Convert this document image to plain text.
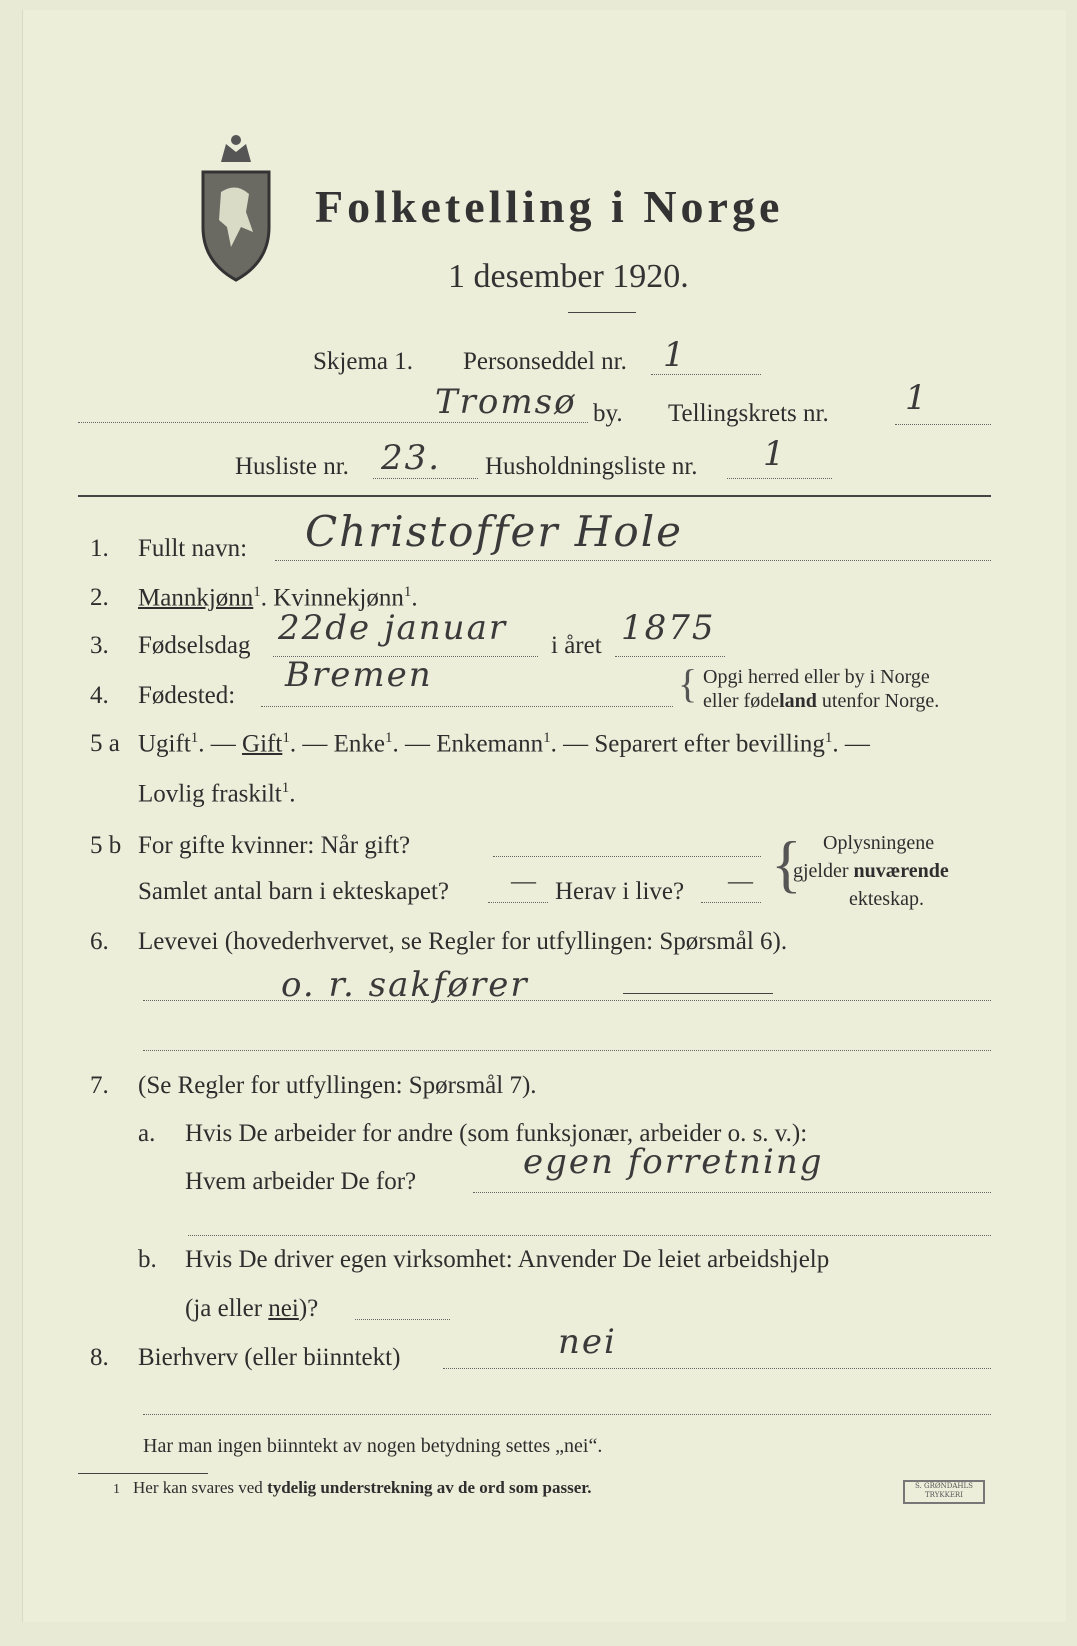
Folketelling i Norge
1 desember 1920.
Skjema 1. Personseddel nr. 1
Tromsø by. Tellingskrets nr. 1
Husliste nr. 23. Husholdningsliste nr. 1
1. Fullt navn: Christoffer Hole
2. Mannkjønn$^1$. Kvinnekjønn$^1$.
3. Fødselsdag 22de januar i året 1875
4. Fødested:
Bremen	{ Opgi herred eller by i Norge
eller fødeland utenfor Norge.
5 a Ugift$^1$. — Gift$^1$. — Enke$^1$. — Enkemann$^1$. — Separert efter bevilling$^1$. —
Lovlig fraskilt$^1$.
5 b For gifte kvinner: Når gift?
Samlet antal barn i ekteskapet? — Herav i live? — { Oplysningene
gjelder nuværende
ekteskap.
6. Levevei (hovederhvervet, se Regler for utfyllingen: Spørsmål 6).
o. r. sakfører
7. (Se Regler for utfyllingen: Spørsmål 7).
a. Hvis De arbeider for andre (som funksjonær, arbeider o. s. v.):
Hvem arbeider De for?	egen forretning
b. Hvis De driver egen virksomhet: Anvender De leiet arbeidshjelp
(ja eller nei)?
8. Bierhverv (eller biinntekt)	nei
Har man ingen biinntekt av nogen betydning settes „nei“.
1 Her kan svares ved tydelig understrekning av de ord som passer.	S. GRØNDAHLS TRYKKERI
